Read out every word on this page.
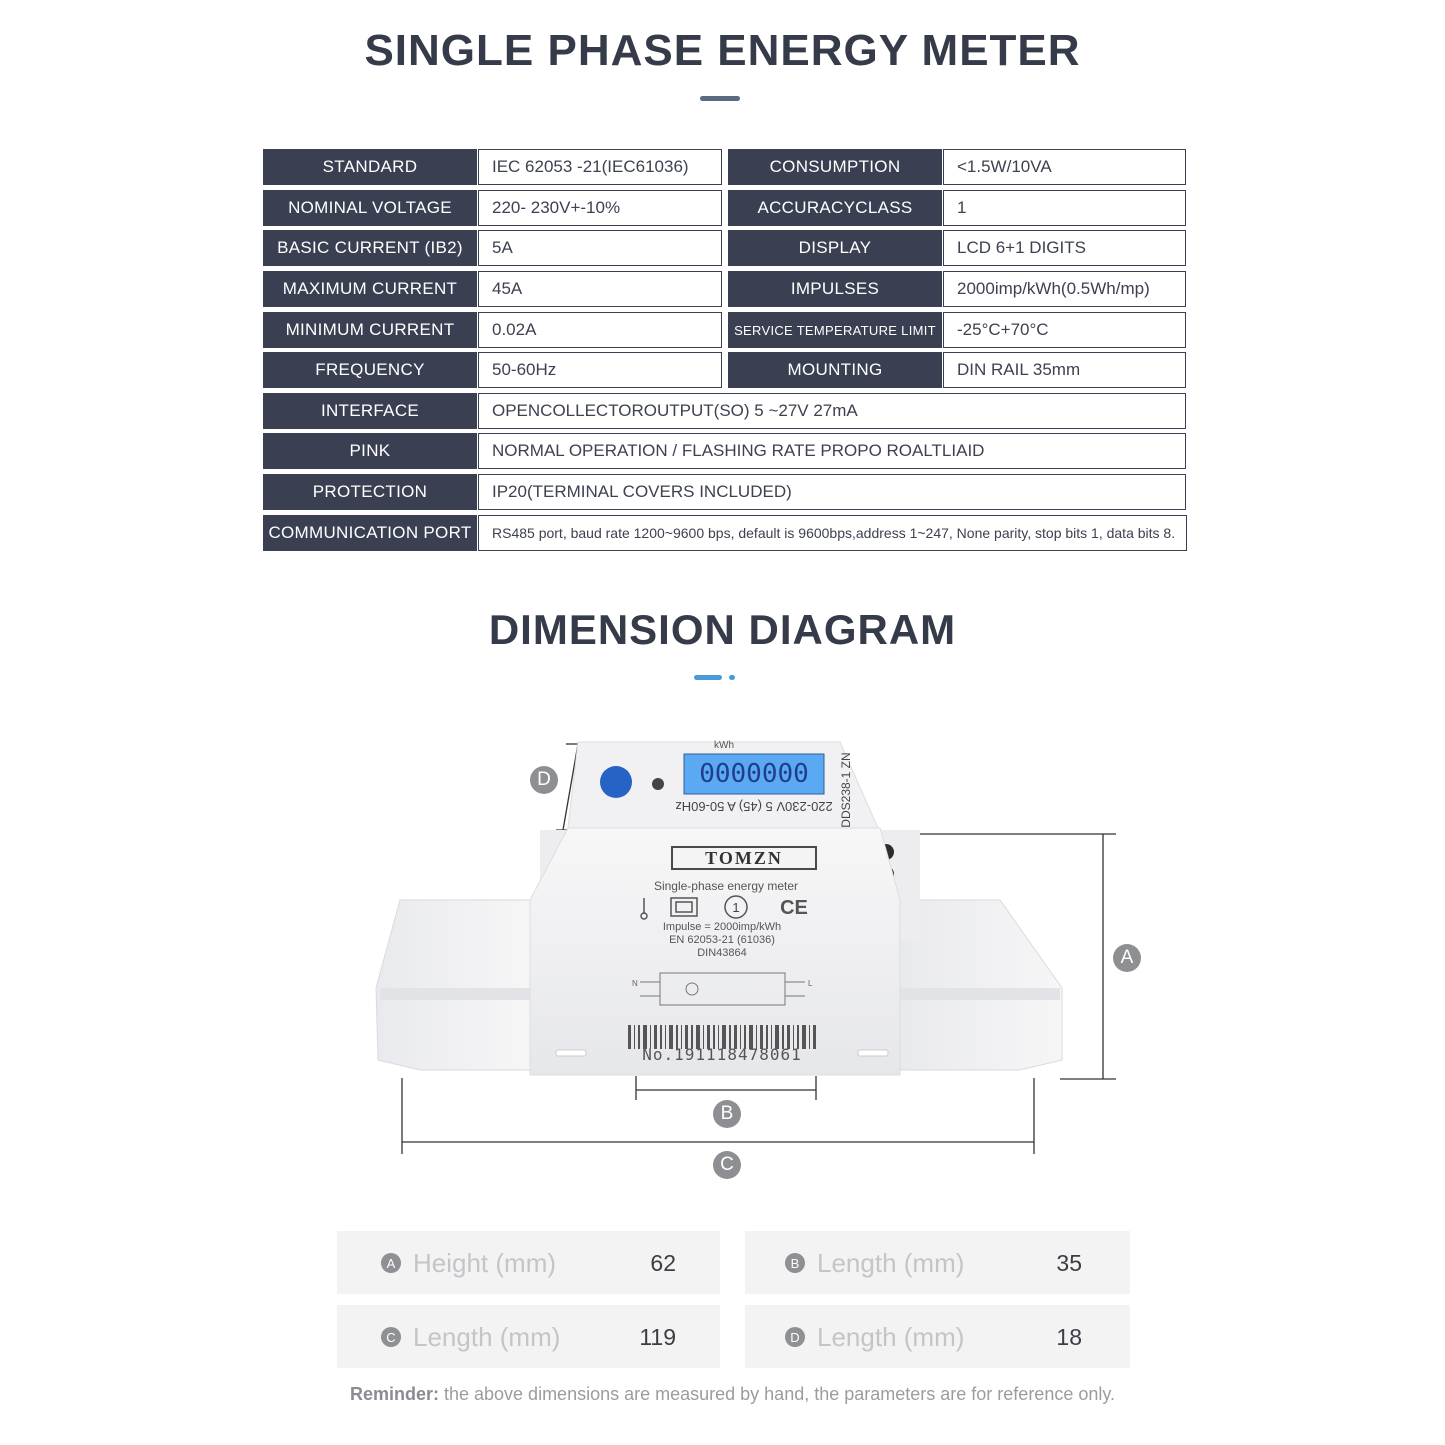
SINGLE PHASE ENERGY METER
STANDARD	IEC 62053 -21(IEC61036)	CONSUMPTION	<1.5W/10VA
NOMINAL VOLTAGE	220- 230V+-10%	ACCURACYCLASS	1
BASIC CURRENT (IB2)	5A	DISPLAY	LCD 6+1 DIGITS
MAXIMUM CURRENT	45A	IMPULSES	2000imp/kWh(0.5Wh/mp)
MINIMUM CURRENT	0.02A	SERVICE TEMPERATURE LIMIT	-25°C+70°C
FREQUENCY	50-60Hz	MOUNTING	DIN RAIL 35mm
INTERFACE	OPENCOLLECTOROUTPUT(SO) 5 ~27V 27mA
PINK	NORMAL OPERATION / FLASHING RATE PROPO ROALTLIAID
PROTECTION	IP20(TERMINAL COVERS INCLUDED)
COMMUNICATION PORT	RS485 port, baud rate 1200~9600 bps, default is 9600bps,address 1~247, None parity, stop bits 1, data bits 8.
DIMENSION DIAGRAM
0000000
kWh
220-230V 5 (45) A 50-60Hz DDS238-1 ZN
TOMZN
Single-phase energy meter
1 CE
Impulse = 2000imp/kWh
EN 62053-21 (61036)
DIN43864
N	L
No.191118478061
D
A
B
C
A Height (mm)	62	B Length (mm)	35
C Length (mm)	119	D Length (mm)	18
Reminder: the above dimensions are measured by hand, the parameters are for reference only.
